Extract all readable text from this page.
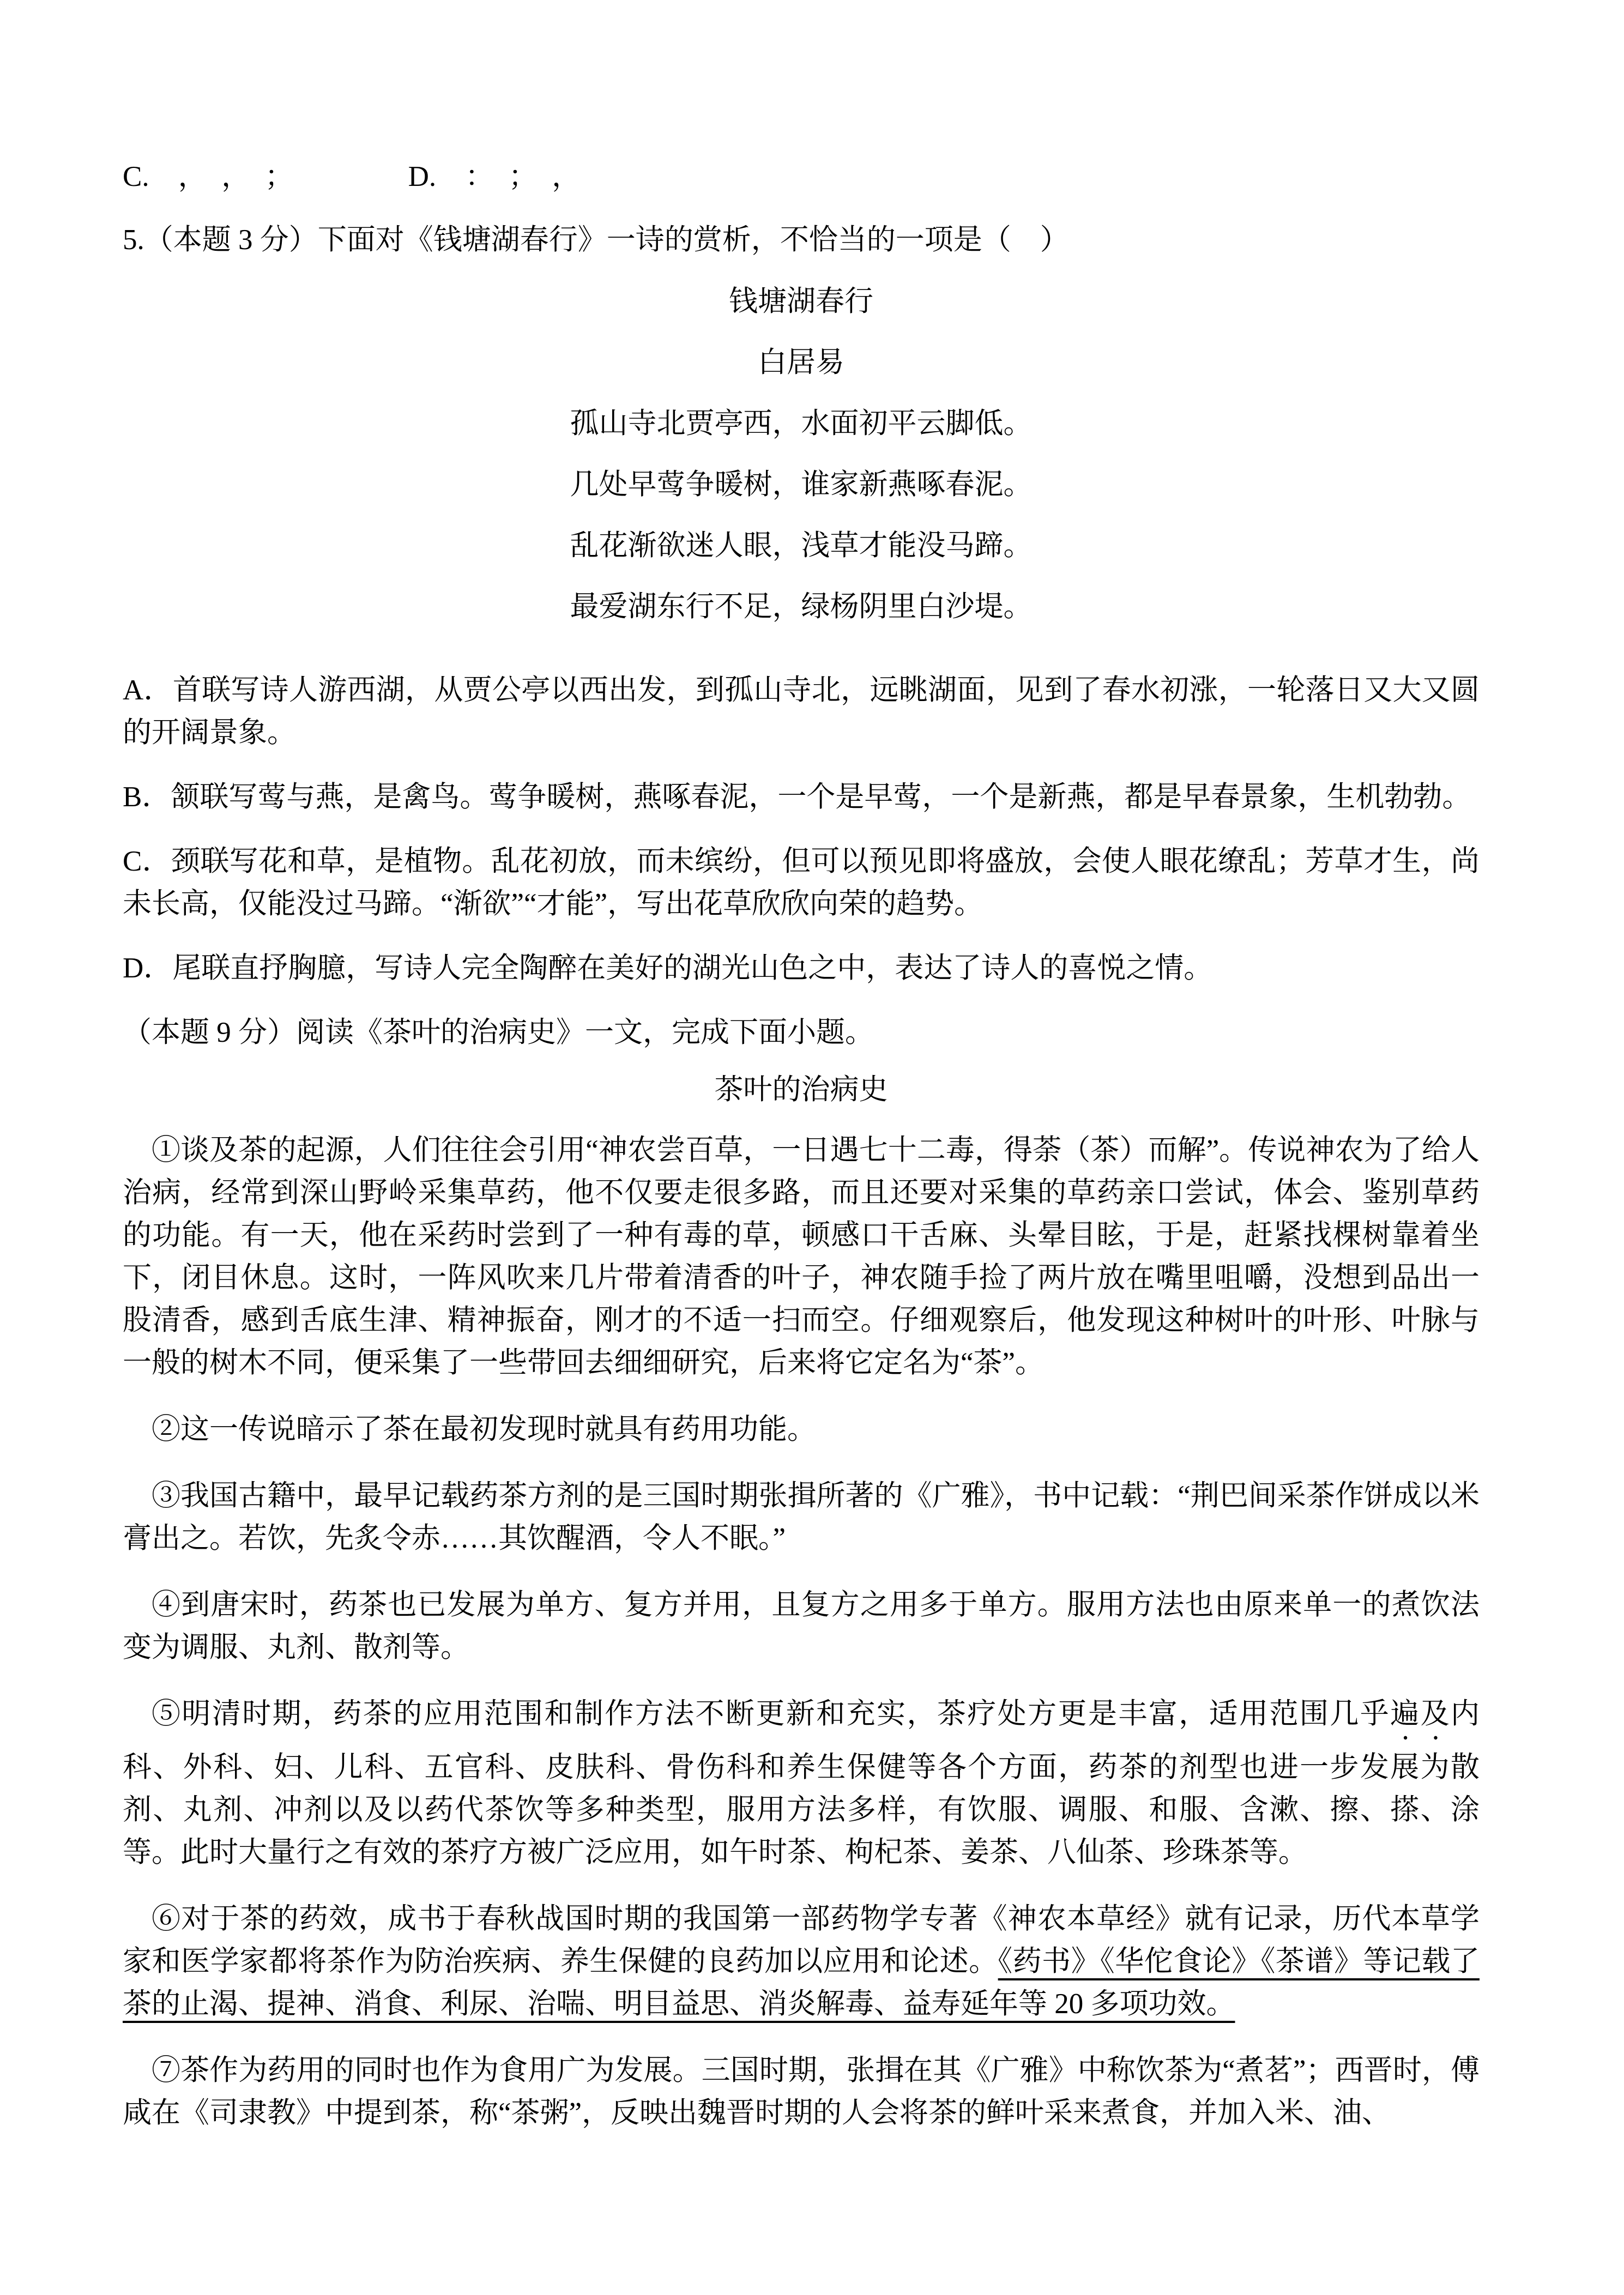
C.　，　，　；	D.　：　；　，

5.（本题 3 分）下面对《钱塘湖春行》一诗的赏析，不恰当的一项是（　）

钱塘湖春行
白居易
孤山寺北贾亭西，水面初平云脚低。
几处早莺争暖树，谁家新燕啄春泥。
乱花渐欲迷人眼，浅草才能没马蹄。
最爱湖东行不足，绿杨阴里白沙堤。

A．首联写诗人游西湖，从贾公亭以西出发，到孤山寺北，远眺湖面，见到了春水初涨，一轮落日又大又圆的开阔景象。

B．颔联写莺与燕，是禽鸟。莺争暖树，燕啄春泥，一个是早莺，一个是新燕，都是早春景象，生机勃勃。

C．颈联写花和草，是植物。乱花初放，而未缤纷，但可以预见即将盛放，会使人眼花缭乱；芳草才生，尚未长高，仅能没过马蹄。“渐欲”“才能”，写出花草欣欣向荣的趋势。

D．尾联直抒胸臆，写诗人完全陶醉在美好的湖光山色之中，表达了诗人的喜悦之情。

（本题 9 分）阅读《茶叶的治病史》一文，完成下面小题。

茶叶的治病史

①谈及茶的起源，人们往往会引用“神农尝百草，一日遇七十二毒，得荼（茶）而解”。传说神农为了给人治病，经常到深山野岭采集草药，他不仅要走很多路，而且还要对采集的草药亲口尝试，体会、鉴别草药的功能。有一天，他在采药时尝到了一种有毒的草，顿感口干舌麻、头晕目眩，于是，赶紧找棵树靠着坐下，闭目休息。这时，一阵风吹来几片带着清香的叶子，神农随手捡了两片放在嘴里咀嚼，没想到品出一股清香，感到舌底生津、精神振奋，刚才的不适一扫而空。仔细观察后，他发现这种树叶的叶形、叶脉与一般的树木不同，便采集了一些带回去细细研究，后来将它定名为“茶”。

②这一传说暗示了茶在最初发现时就具有药用功能。

③我国古籍中，最早记载药茶方剂的是三国时期张揖所著的《广雅》，书中记载：“荆巴间采茶作饼成以米膏出之。若饮，先炙令赤……其饮醒酒，令人不眠。”

④到唐宋时，药茶也已发展为单方、复方并用，且复方之用多于单方。服用方法也由原来单一的煮饮法变为调服、丸剂、散剂等。

⑤明清时期，药茶的应用范围和制作方法不断更新和充实，茶疗处方更是丰富，适用范围几乎遍及内科、外科、妇、儿科、五官科、皮肤科、骨伤科和养生保健等各个方面，药茶的剂型也进一步发展为散剂、丸剂、冲剂以及以药代茶饮等多种类型，服用方法多样，有饮服、调服、和服、含漱、擦、搽、涂等。此时大量行之有效的茶疗方被广泛应用，如午时茶、枸杞茶、姜茶、八仙茶、珍珠茶等。

⑥对于茶的药效，成书于春秋战国时期的我国第一部药物学专著《神农本草经》就有记录，历代本草学家和医学家都将茶作为防治疾病、养生保健的良药加以应用和论述。《药书》《华佗食论》《茶谱》等记载了茶的止渴、提神、消食、利尿、治喘、明目益思、消炎解毒、益寿延年等 20 多项功效。

⑦茶作为药用的同时也作为食用广为发展。三国时期，张揖在其《广雅》中称饮茶为“煮茗”；西晋时，傅咸在《司隶教》中提到茶，称“茶粥”，反映出魏晋时期的人会将茶的鲜叶采来煮食，并加入米、油、
